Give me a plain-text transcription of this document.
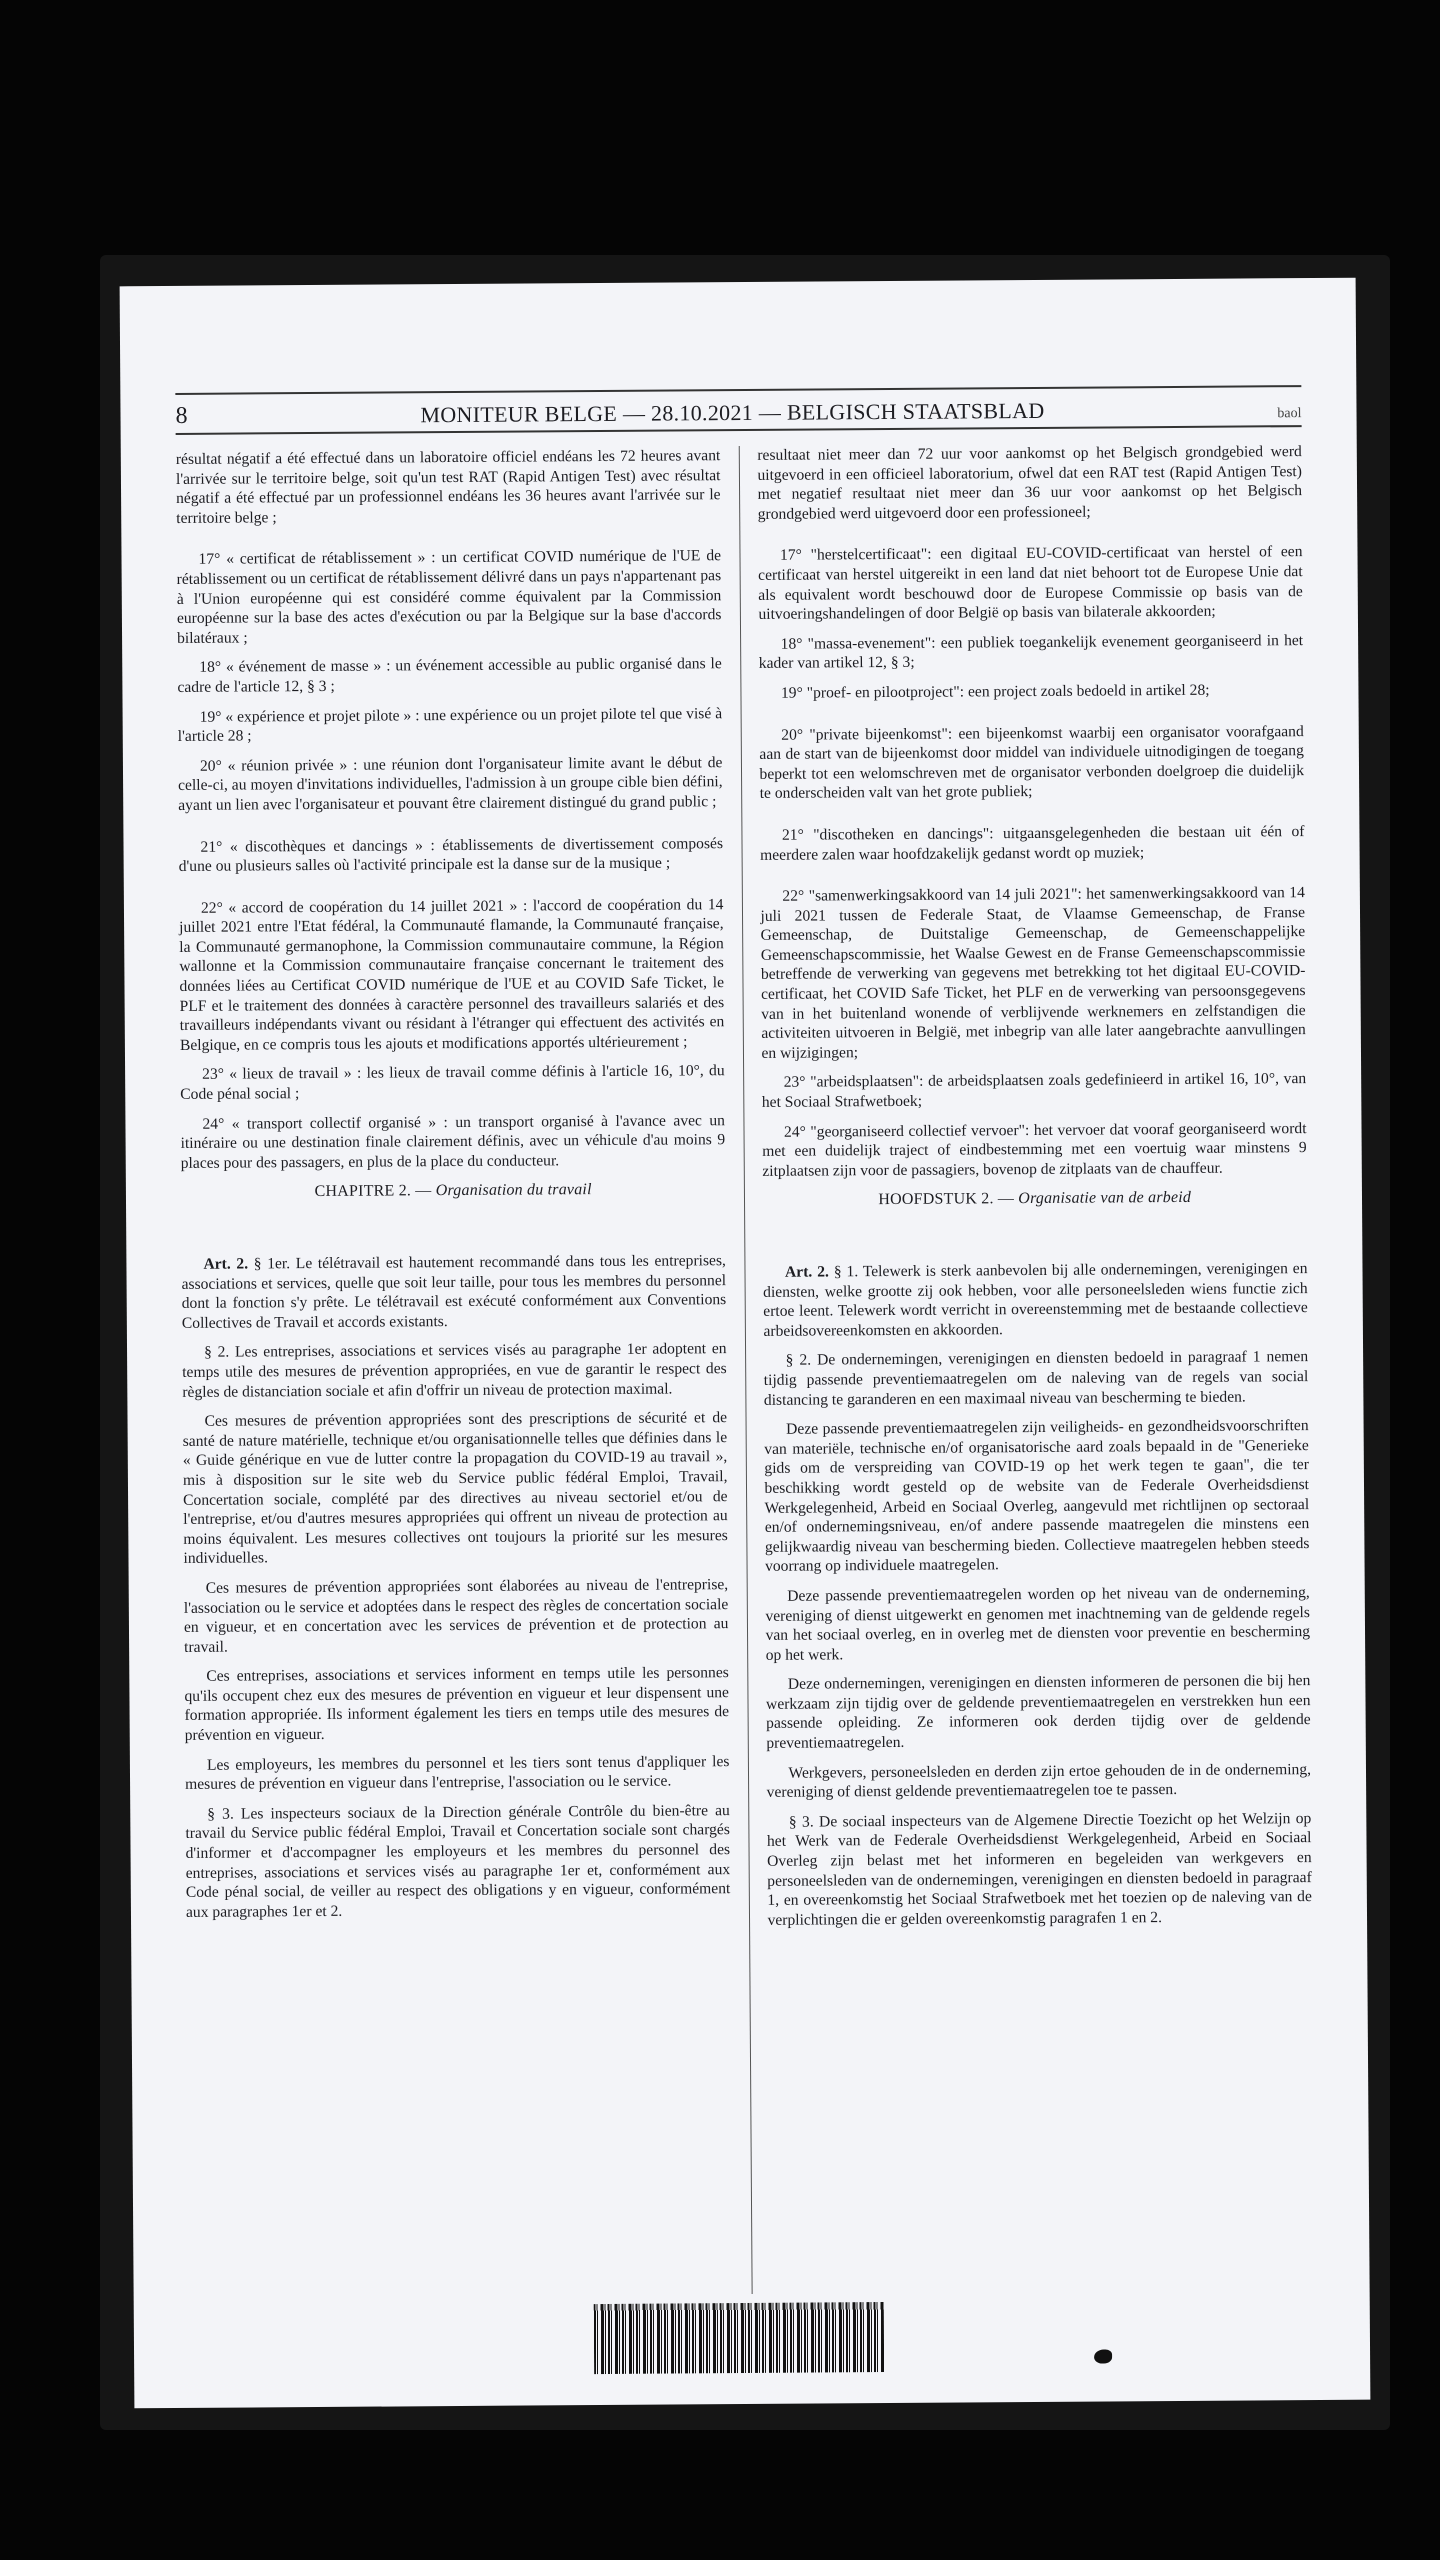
8	MONITEUR BELGE — 28.10.2021 — BELGISCH STAATSBLAD	baol

résultat négatif a été effectué dans un laboratoire officiel endéans les 72 heures avant l'arrivée sur le territoire belge, soit qu'un test RAT (Rapid Antigen Test) avec résultat négatif a été effectué par un professionnel endéans les 36 heures avant l'arrivée sur le territoire belge ;

17° « certificat de rétablissement » : un certificat COVID numérique de l'UE de rétablissement ou un certificat de rétablissement délivré dans un pays n'appartenant pas à l'Union européenne qui est considéré comme équivalent par la Commission européenne sur la base des actes d'exécution ou par la Belgique sur la base d'accords bilatéraux ;

18° « événement de masse » : un événement accessible au public organisé dans le cadre de l'article 12, § 3 ;

19° « expérience et projet pilote » : une expérience ou un projet pilote tel que visé à l'article 28 ;

20° « réunion privée » : une réunion dont l'organisateur limite avant le début de celle-ci, au moyen d'invitations individuelles, l'admission à un groupe cible bien défini, ayant un lien avec l'organisateur et pouvant être clairement distingué du grand public ;

21° « discothèques et dancings » : établissements de divertissement composés d'une ou plusieurs salles où l'activité principale est la danse sur de la musique ;

22° « accord de coopération du 14 juillet 2021 » : l'accord de coopération du 14 juillet 2021 entre l'Etat fédéral, la Communauté flamande, la Communauté française, la Communauté germanophone, la Commission communautaire commune, la Région wallonne et la Commission communautaire française concernant le traitement des données liées au Certificat COVID numérique de l'UE et au COVID Safe Ticket, le PLF et le traitement des données à caractère personnel des travailleurs salariés et des travailleurs indépendants vivant ou résidant à l'étranger qui effectuent des activités en Belgique, en ce compris tous les ajouts et modifications apportés ultérieurement ;

23° « lieux de travail » : les lieux de travail comme définis à l'article 16, 10°, du Code pénal social ;

24° « transport collectif organisé » : un transport organisé à l'avance avec un itinéraire ou une destination finale clairement définis, avec un véhicule d'au moins 9 places pour des passagers, en plus de la place du conducteur.

CHAPITRE 2. — Organisation du travail

Art. 2. § 1er. Le télétravail est hautement recommandé dans tous les entreprises, associations et services, quelle que soit leur taille, pour tous les membres du personnel dont la fonction s'y prête. Le télétravail est exécuté conformément aux Conventions Collectives de Travail et accords existants.

§ 2. Les entreprises, associations et services visés au paragraphe 1er adoptent en temps utile des mesures de prévention appropriées, en vue de garantir le respect des règles de distanciation sociale et afin d'offrir un niveau de protection maximal.

Ces mesures de prévention appropriées sont des prescriptions de sécurité et de santé de nature matérielle, technique et/ou organisationnelle telles que définies dans le « Guide générique en vue de lutter contre la propagation du COVID-19 au travail », mis à disposition sur le site web du Service public fédéral Emploi, Travail, Concertation sociale, complété par des directives au niveau sectoriel et/ou de l'entreprise, et/ou d'autres mesures appropriées qui offrent un niveau de protection au moins équivalent. Les mesures collectives ont toujours la priorité sur les mesures individuelles.

Ces mesures de prévention appropriées sont élaborées au niveau de l'entreprise, l'association ou le service et adoptées dans le respect des règles de concertation sociale en vigueur, et en concertation avec les services de prévention et de protection au travail.

Ces entreprises, associations et services informent en temps utile les personnes qu'ils occupent chez eux des mesures de prévention en vigueur et leur dispensent une formation appropriée. Ils informent également les tiers en temps utile des mesures de prévention en vigueur.

Les employeurs, les membres du personnel et les tiers sont tenus d'appliquer les mesures de prévention en vigueur dans l'entreprise, l'association ou le service.

§ 3. Les inspecteurs sociaux de la Direction générale Contrôle du bien-être au travail du Service public fédéral Emploi, Travail et Concertation sociale sont chargés d'informer et d'accompagner les employeurs et les membres du personnel des entreprises, associations et services visés au paragraphe 1er et, conformément aux Code pénal social, de veiller au respect des obligations y en vigueur, conformément aux paragraphes 1er et 2.

resultaat niet meer dan 72 uur voor aankomst op het Belgisch grondgebied werd uitgevoerd in een officieel laboratorium, ofwel dat een RAT test (Rapid Antigen Test) met negatief resultaat niet meer dan 36 uur voor aankomst op het Belgisch grondgebied werd uitgevoerd door een professioneel;

17° "herstelcertificaat": een digitaal EU-COVID-certificaat van herstel of een certificaat van herstel uitgereikt in een land dat niet behoort tot de Europese Unie dat als equivalent wordt beschouwd door de Europese Commissie op basis van de uitvoeringshandelingen of door België op basis van bilaterale akkoorden;

18° "massa-evenement": een publiek toegankelijk evenement georganiseerd in het kader van artikel 12, § 3;

19° "proef- en pilootproject": een project zoals bedoeld in artikel 28;

20° "private bijeenkomst": een bijeenkomst waarbij een organisator voorafgaand aan de start van de bijeenkomst door middel van individuele uitnodigingen de toegang beperkt tot een welomschreven met de organisator verbonden doelgroep die duidelijk te onderscheiden valt van het grote publiek;

21° "discotheken en dancings": uitgaansgelegenheden die bestaan uit één of meerdere zalen waar hoofdzakelijk gedanst wordt op muziek;

22° "samenwerkingsakkoord van 14 juli 2021": het samenwerkingsakkoord van 14 juli 2021 tussen de Federale Staat, de Vlaamse Gemeenschap, de Franse Gemeenschap, de Duitstalige Gemeenschap, de Gemeenschappelijke Gemeenschapscommissie, het Waalse Gewest en de Franse Gemeenschapscommissie betreffende de verwerking van gegevens met betrekking tot het digitaal EU-COVID-certificaat, het COVID Safe Ticket, het PLF en de verwerking van persoonsgegevens van in het buitenland wonende of verblijvende werknemers en zelfstandigen die activiteiten uitvoeren in België, met inbegrip van alle later aangebrachte aanvullingen en wijzigingen;

23° "arbeidsplaatsen": de arbeidsplaatsen zoals gedefinieerd in artikel 16, 10°, van het Sociaal Strafwetboek;

24° "georganiseerd collectief vervoer": het vervoer dat vooraf georganiseerd wordt met een duidelijk traject of eindbestemming met een voertuig waar minstens 9 zitplaatsen zijn voor de passagiers, bovenop de zitplaats van de chauffeur.

HOOFDSTUK 2. — Organisatie van de arbeid

Art. 2. § 1. Telewerk is sterk aanbevolen bij alle ondernemingen, verenigingen en diensten, welke grootte zij ook hebben, voor alle personeelsleden wiens functie zich ertoe leent. Telewerk wordt verricht in overeenstemming met de bestaande collectieve arbeidsovereenkomsten en akkoorden.

§ 2. De ondernemingen, verenigingen en diensten bedoeld in paragraaf 1 nemen tijdig passende preventiemaatregelen om de naleving van de regels van social distancing te garanderen en een maximaal niveau van bescherming te bieden.

Deze passende preventiemaatregelen zijn veiligheids- en gezondheidsvoorschriften van materiële, technische en/of organisatorische aard zoals bepaald in de "Generieke gids om de verspreiding van COVID-19 op het werk tegen te gaan", die ter beschikking wordt gesteld op de website van de Federale Overheidsdienst Werkgelegenheid, Arbeid en Sociaal Overleg, aangevuld met richtlijnen op sectoraal en/of ondernemingsniveau, en/of andere passende maatregelen die minstens een gelijkwaardig niveau van bescherming bieden. Collectieve maatregelen hebben steeds voorrang op individuele maatregelen.

Deze passende preventiemaatregelen worden op het niveau van de onderneming, vereniging of dienst uitgewerkt en genomen met inachtneming van de geldende regels van het sociaal overleg, en in overleg met de diensten voor preventie en bescherming op het werk.

Deze ondernemingen, verenigingen en diensten informeren de personen die bij hen werkzaam zijn tijdig over de geldende preventiemaatregelen en verstrekken hun een passende opleiding. Ze informeren ook derden tijdig over de geldende preventiemaatregelen.

Werkgevers, personeelsleden en derden zijn ertoe gehouden de in de onderneming, vereniging of dienst geldende preventiemaatregelen toe te passen.

§ 3. De sociaal inspecteurs van de Algemene Directie Toezicht op het Welzijn op het Werk van de Federale Overheidsdienst Werkgelegenheid, Arbeid en Sociaal Overleg zijn belast met het informeren en begeleiden van werkgevers en personeelsleden van de ondernemingen, verenigingen en diensten bedoeld in paragraaf 1, en overeenkomstig het Sociaal Strafwetboek met het toezien op de naleving van de verplichtingen die er gelden overeenkomstig paragrafen 1 en 2.
